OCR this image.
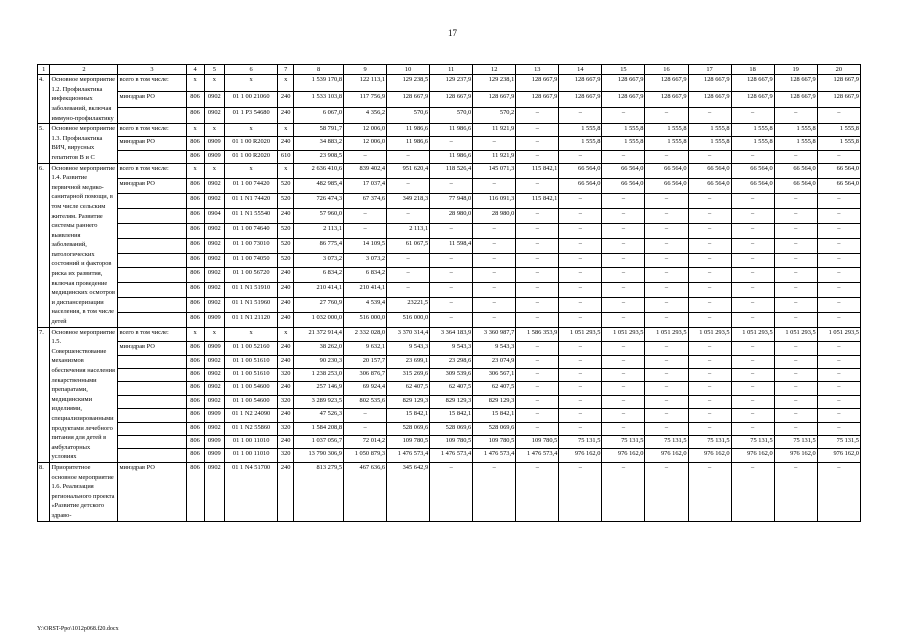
17
1	2	3	4	5	6	7	8	9	10	11	12	13	14	15	16	17	18	19	20
4.	Основное мероприятие 1.2. Профилактика инфекционных заболеваний, включая иммуно-профилактику	всего в том числе:	х	х	х	х	1 539 170,8	122 113,1	129 238,5	129 237,9	129 238,1	128 667,9	128 667,9	128 667,9	128 667,9	128 667,9	128 667,9	128 667,9	128 667,9
		минздрав РО	806	0902	01 1 00 21060	240	1 533 103,8	117 756,9	128 667,9	128 667,9	128 667,9	128 667,9	128 667,9	128 667,9	128 667,9	128 667,9	128 667,9	128 667,9	128 667,9
			806	0902	01 1 P3 54680	240	6 067,0	4 356,2	570,6	570,0	570,2	–	–	–	–	–	–	–	–
5.	Основное мероприятие 1.3. Профилактика ВИЧ, вирусных гепатитов В и С	всего в том числе:	х	х	х	х	58 791,7	12 006,0	11 986,6	11 986,6	11 921,9	–	1 555,8	1 555,8	1 555,8	1 555,8	1 555,8	1 555,8	1 555,8
		минздрав РО	806	0909	01 1 00 R2020	240	34 883,2	12 006,0	11 986,6	–	–	–	1 555,8	1 555,8	1 555,8	1 555,8	1 555,8	1 555,8	1 555,8
			806	0909	01 1 00 R2020	610	23 908,5	–	–	11 986,6	11 921,9	–	–	–	–	–	–	–	–
6.	Основное мероприятие 1.4. Развитие первичной медико-санитарной помощи, в том числе сельским жителям. Развитие системы раннего выявления заболеваний, патологических состояний и факторов риска их развития, включая проведение медицинских осмотров и диспансеризации населения, в том числе детей	всего в том числе:	х	х	х	х	2 636 410,6	839 402,4	951 620,4	118 526,4	145 071,3	115 842,1	66 564,0	66 564,0	66 564,0	66 564,0	66 564,0	66 564,0	66 564,0
		минздрав РО	806	0902	01 1 00 74420	520	482 985,4	17 037,4	–	–	–	–	66 564,0	66 564,0	66 564,0	66 564,0	66 564,0	66 564,0	66 564,0
			806	0902	01 1 N1 74420	520	726 474,3	67 374,6	349 218,3	77 948,0	116 091,3	115 842,1	–	–	–	–	–	–	–
			806	0904	01 1 N1 55540	240	57 960,0	–	–	28 980,0	28 980,0	–	–	–	–	–	–	–	–
			806	0902	01 1 00 74640	520	2 113,1	–	2 113,1	–	–	–	–	–	–	–	–	–	–
			806	0902	01 1 00 73010	520	86 775,4	14 109,5	61 067,5	11 598,4	–	–	–	–	–	–	–	–	–
			806	0902	01 1 00 74050	520	3 073,2	3 073,2	–	–	–	–	–	–	–	–	–	–	–
			806	0902	01 1 00 56720	240	6 834,2	6 834,2	–	–	–	–	–	–	–	–	–	–	–
			806	0902	01 1 N1 51910	240	210 414,1	210 414,1	–	–	–	–	–	–	–	–	–	–	–
			806	0902	01 1 N1 51960	240	27 760,9	4 539,4	23221,5	–	–	–	–	–	–	–	–	–	–
			806	0909	01 1 N1 21120	240	1 032 000,0	516 000,0	516 000,0	–	–	–	–	–	–	–	–	–	–
7.	Основное мероприятие 1.5. Совершенствование механизмов обеспечения населения лекарственными препаратами, медицинскими изделиями, специализированными продуктами лечебного питания для детей в амбулаторных условиях	всего в том числе:	х	х	х	х	21 372 914,4	2 332 028,0	3 370 314,4	3 364 183,9	3 360 987,7	1 586 353,9	1 051 293,5	1 051 293,5	1 051 293,5	1 051 293,5	1 051 293,5	1 051 293,5	1 051 293,5
		минздрав РО	806	0909	01 1 00 52160	240	38 262,0	9 632,1	9 543,3	9 543,3	9 543,3	–	–	–	–	–	–	–	–
			806	0902	01 1 00 51610	240	90 230,3	20 157,7	23 699,1	23 298,6	23 074,9	–	–	–	–	–	–	–	–
			806	0902	01 1 00 51610	320	1 238 253,0	306 876,7	315 269,6	309 539,6	306 567,1	–	–	–	–	–	–	–	–
			806	0902	01 1 00 54600	240	257 146,9	69 924,4	62 407,5	62 407,5	62 407,5	–	–	–	–	–	–	–	–
			806	0902	01 1 00 54600	320	3 289 923,5	802 535,6	829 129,3	829 129,3	829 129,3	–	–	–	–	–	–	–	–
			806	0909	01 1 N2 24090	240	47 526,3	–	15 842,1	15 842,1	15 842,1	–	–	–	–	–	–	–	–
			806	0902	01 1 N2 55860	320	1 584 208,8	–	528 069,6	528 069,6	528 069,6	–	–	–	–	–	–	–	–
			806	0909	01 1 00 11010	240	1 037 056,7	72 014,2	109 780,5	109 780,5	109 780,5	109 780,5	75 131,5	75 131,5	75 131,5	75 131,5	75 131,5	75 131,5	75 131,5
			806	0909	01 1 00 11010	320	13 790 306,9	1 050 879,3	1 476 573,4	1 476 573,4	1 476 573,4	1 476 573,4	976 162,0	976 162,0	976 162,0	976 162,0	976 162,0	976 162,0	976 162,0
8.	Приоритетное основное мероприятие 1.6. Реализация регионального проекта «Развитие детского здраво-	минздрав РО	806	0902	01 1 N4 51700	240	813 279,5	467 636,6	345 642,9	–	–	–	–	–	–	–	–	–	–
Y:\ORST-Ppo\1012p068.f20.docx
